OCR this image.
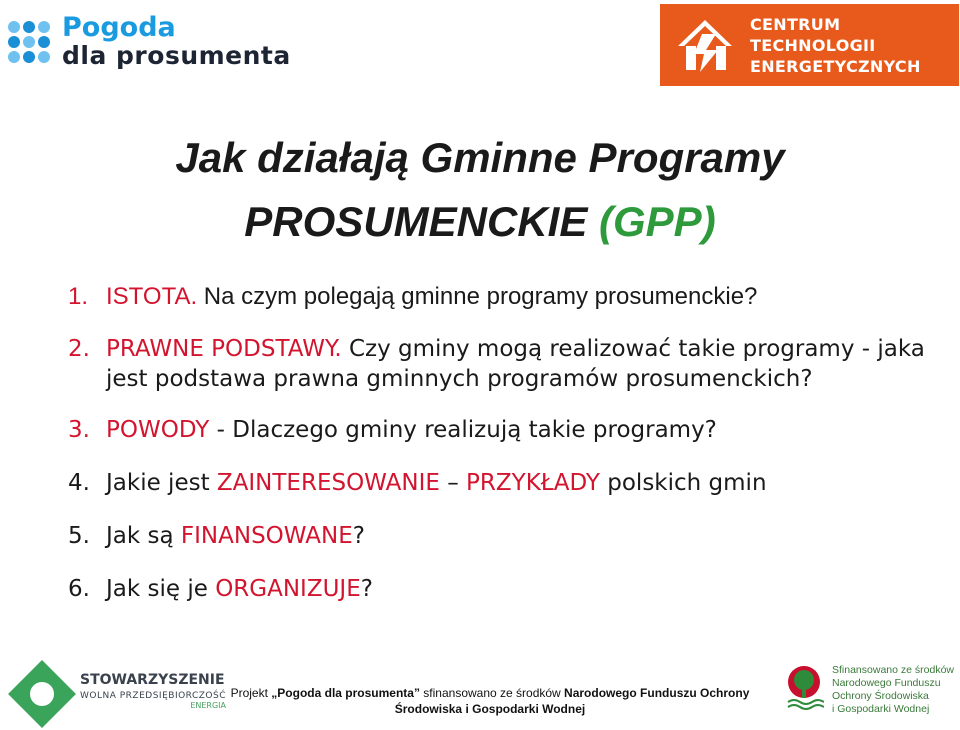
Pogoda
dla prosumenta
CENTRUM
TECHNOLOGII
ENERGETYCZNYCH
Jak działają Gminne Programy
PROSUMENCKIE (GPP)
1. ISTOTA. Na czym polegają gminne programy prosumenckie?
2. PRAWNE PODSTAWY. Czy gminy mogą realizować takie programy - jaka jest podstawa prawna gminnych programów prosumenckich?
3. POWODY - Dlaczego gminy realizują takie programy?
4. Jakie jest ZAINTERESOWANIE – PRZYKŁADY polskich gmin
5. Jak są FINANSOWANE?
6. Jak się je ORGANIZUJE?
STOWARZYSZENIE
WOLNA PRZEDSIĘBIORCZOŚĆ
ENERGIA
Projekt „Pogoda dla prosumenta” sfinansowano ze środków Narodowego Funduszu Ochrony Środowiska i Gospodarki Wodnej
Sfinansowano ze środków
Narodowego Funduszu
Ochrony Środowiska
i Gospodarki Wodnej
